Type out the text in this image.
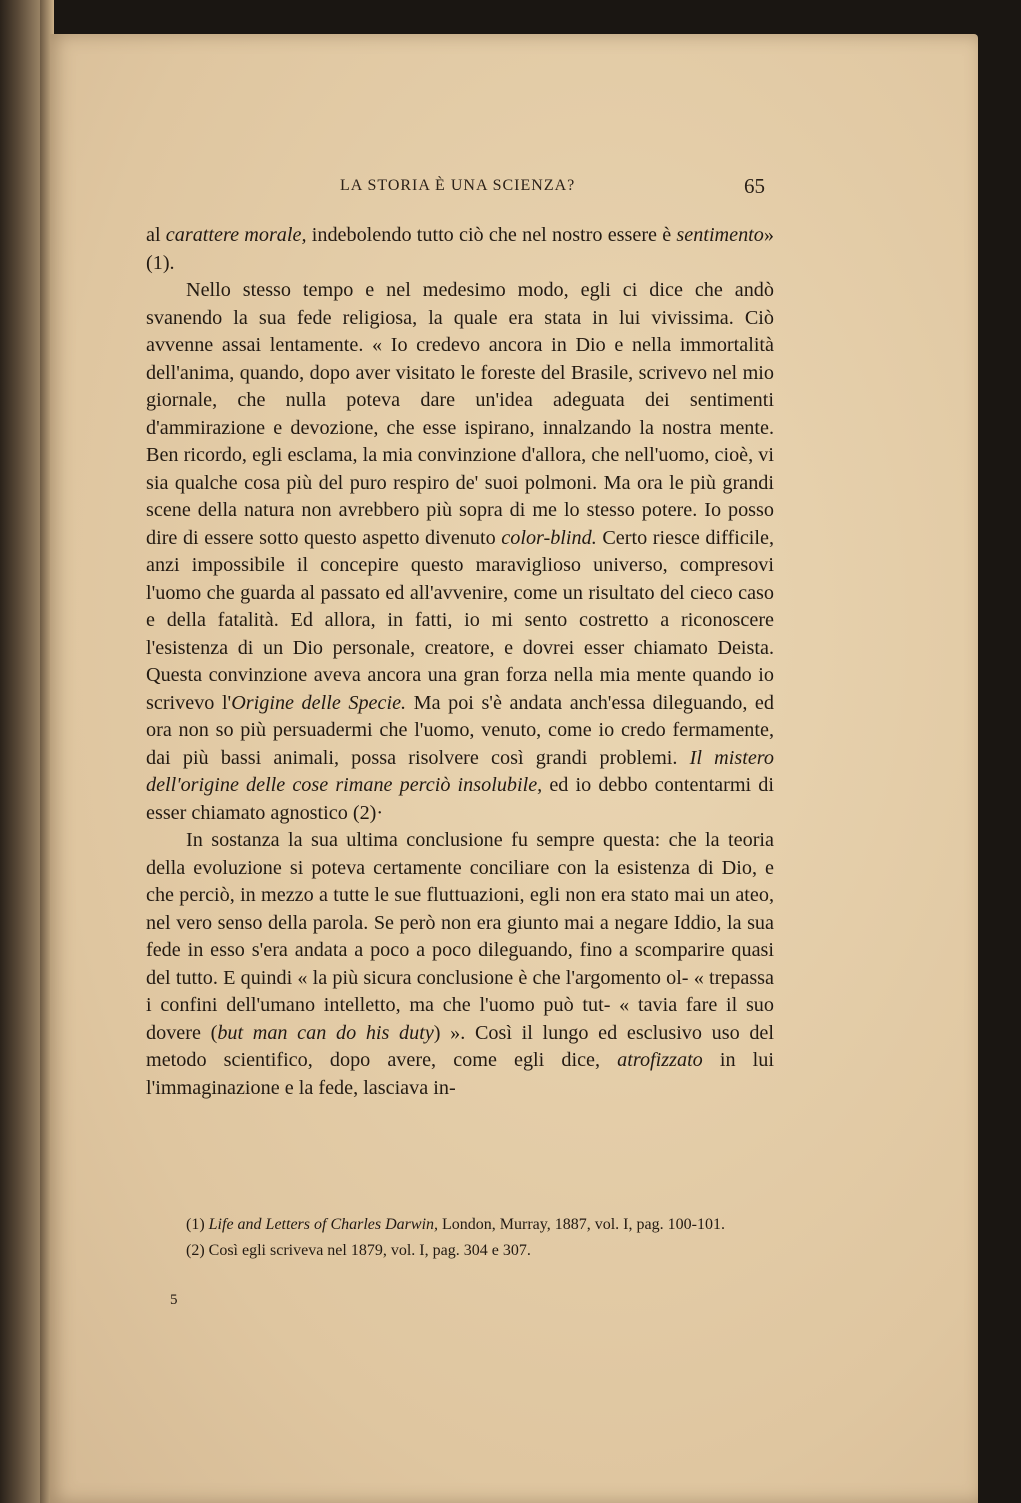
LA STORIA È UNA SCIENZA?	65

al carattere morale, indebolendo tutto ciò che nel nostro essere è sentimento» (1).

Nello stesso tempo e nel medesimo modo, egli ci dice che andò svanendo la sua fede religiosa, la quale era stata in lui vivissima. Ciò avvenne assai lentamente. « Io credevo ancora in Dio e nella immortalità dell'anima, quando, dopo aver visitato le foreste del Brasile, scrivevo nel mio giornale, che nulla poteva dare un'idea adeguata dei sentimenti d'ammirazione e devozione, che esse ispirano, innalzando la nostra mente. Ben ricordo, egli esclama, la mia convinzione d'allora, che nell'uomo, cioè, vi sia qualche cosa più del puro respiro de' suoi polmoni. Ma ora le più grandi scene della natura non avrebbero più sopra di me lo stesso potere. Io posso dire di essere sotto questo aspetto divenuto color-blind. Certo riesce difficile, anzi impossibile il concepire questo maraviglioso universo, compresovi l'uomo che guarda al passato ed all'avvenire, come un risultato del cieco caso e della fatalità. Ed allora, in fatti, io mi sento costretto a riconoscere l'esistenza di un Dio personale, creatore, e dovrei esser chiamato Deista. Questa convinzione aveva ancora una gran forza nella mia mente quando io scrivevo l'Origine delle Specie. Ma poi s'è andata anch'essa dileguando, ed ora non so più persuadermi che l'uomo, venuto, come io credo fermamente, dai più bassi animali, possa risolvere così grandi problemi. Il mistero dell'origine delle cose rimane perciò insolubile, ed io debbo contentarmi di esser chiamato agnostico (2)·

In sostanza la sua ultima conclusione fu sempre questa: che la teoria della evoluzione si poteva certamente conciliare con la esistenza di Dio, e che perciò, in mezzo a tutte le sue fluttuazioni, egli non era stato mai un ateo, nel vero senso della parola. Se però non era giunto mai a negare Iddio, la sua fede in esso s'era andata a poco a poco dileguando, fino a scomparire quasi del tutto. E quindi « la più sicura conclusione è che l'argomento ol- « trepassa i confini dell'umano intelletto, ma che l'uomo può tut- « tavia fare il suo dovere (but man can do his duty) ». Così il lungo ed esclusivo uso del metodo scientifico, dopo avere, come egli dice, atrofizzato in lui l'immaginazione e la fede, lasciava in-

(1) Life and Letters of Charles Darwin, London, Murray, 1887, vol. I, pag. 100-101.

(2) Così egli scriveva nel 1879, vol. I, pag. 304 e 307.

5
